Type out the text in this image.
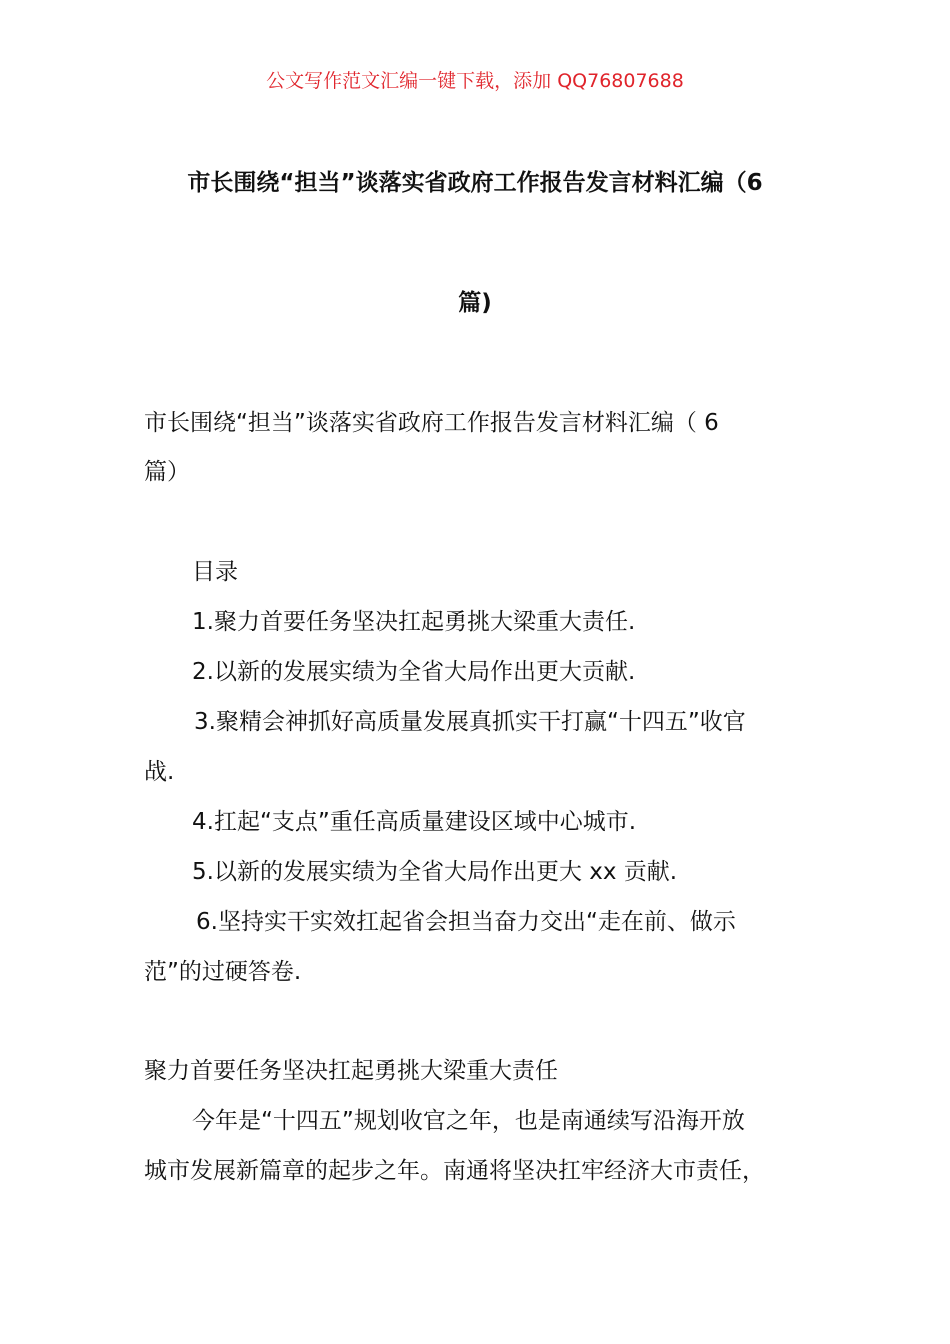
公文写作范文汇编一键下载，添加 QQ76807688
市长围绕“担当”谈落实省政府工作报告发言材料汇编（6
篇)
市长围绕“担当”谈落实省政府工作报告发言材料汇编（ 6
篇）
目录
1.聚力首要任务坚决扛起勇挑大梁重大责任.
2.以新的发展实绩为全省大局作出更大贡献.
3.聚精会神抓好高质量发展真抓实干打赢“十四五”收官
战.
4.扛起“支点”重任高质量建设区域中心城市.
5.以新的发展实绩为全省大局作出更大 xx 贡献.
6.坚持实干实效扛起省会担当奋力交出“走在前、做示
范”的过硬答卷.
聚力首要任务坚决扛起勇挑大梁重大责任
今年是“十四五”规划收官之年，也是南通续写沿海开放
城市发展新篇章的起步之年。南通将坚决扛牢经济大市责任，
